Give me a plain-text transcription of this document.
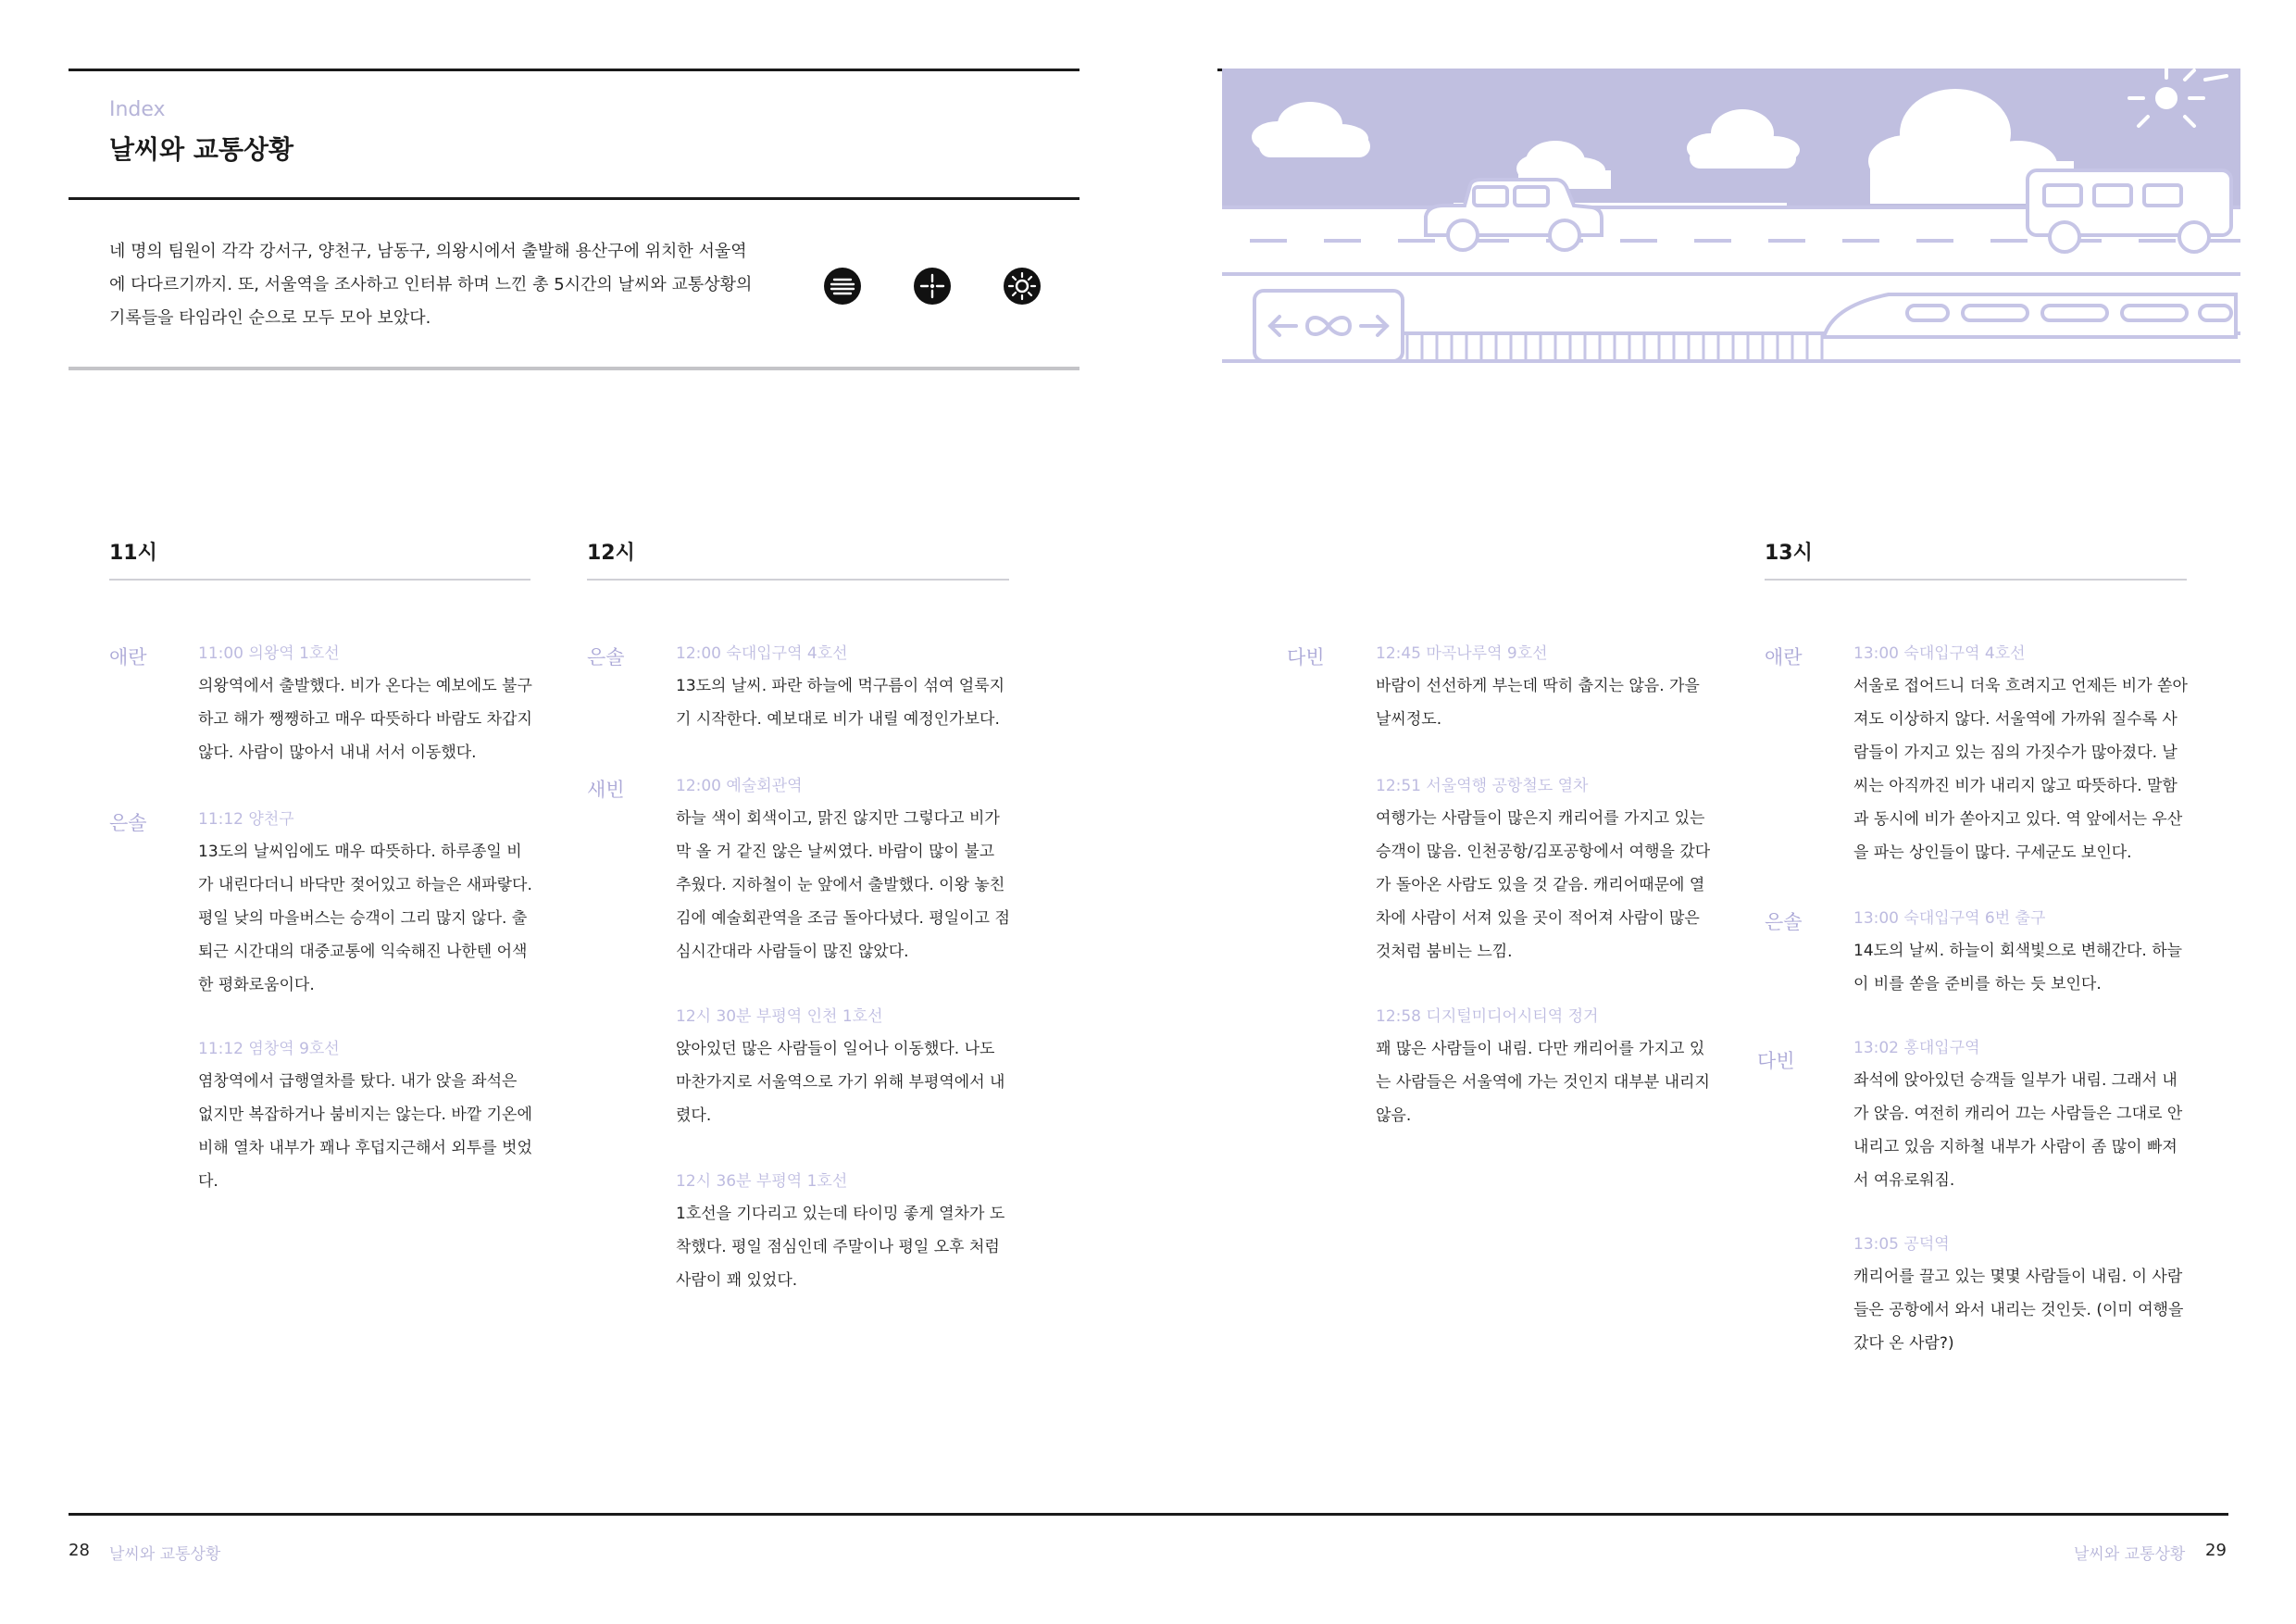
Index
날씨와 교통상황
네 명의 팀원이 각각 강서구, 양천구, 남동구, 의왕시에서 출발해 용산구에 위치한 서울역에 다다르기까지. 또, 서울역을 조사하고 인터뷰 하며 느낀 총 5시간의 날씨와 교통상황의 기록들을 타임라인 순으로 모두 모아 보았다.
11시	12시	13시
애란	11:00 의왕역 1호선
의왕역에서 출발했다. 비가 온다는 예보에도 불구하고 해가 쨍쨍하고 매우 따뜻하다 바람도 차갑지 않다. 사람이 많아서 내내 서서 이동했다.
은솔	11:12 양천구
13도의 날씨임에도 매우 따뜻하다. 하루종일 비가 내린다더니 바닥만 젖어있고 하늘은 새파랗다. 평일 낮의 마을버스는 승객이 그리 많지 않다. 출퇴근 시간대의 대중교통에 익숙해진 나한텐 어색한 평화로움이다.
11:12 염창역 9호선
염창역에서 급행열차를 탔다. 내가 앉을 좌석은 없지만 복잡하거나 붐비지는 않는다. 바깥 기온에 비해 열차 내부가 꽤나 후덥지근해서 외투를 벗었다.
은솔	12:00 숙대입구역 4호선
13도의 날씨. 파란 하늘에 먹구름이 섞여 얼룩지기 시작한다. 예보대로 비가 내릴 예정인가보다.
새빈	12:00 예술회관역
하늘 색이 회색이고, 맑진 않지만 그렇다고 비가 막 올 거 같진 않은 날씨였다. 바람이 많이 불고 추웠다. 지하철이 눈 앞에서 출발했다. 이왕 놓친 김에 예술회관역을 조금 돌아다녔다. 평일이고 점심시간대라 사람들이 많진 않았다.
12시 30분 부평역 인천 1호선
앉아있던 많은 사람들이 일어나 이동했다. 나도 마찬가지로 서울역으로 가기 위해 부평역에서 내렸다.
12시 36분 부평역 1호선
1호선을 기다리고 있는데 타이밍 좋게 열차가 도착했다. 평일 점심인데 주말이나 평일 오후 처럼 사람이 꽤 있었다.
다빈	12:45 마곡나루역 9호선
바람이 선선하게 부는데 딱히 춥지는 않음. 가을 날씨정도.
12:51 서울역행 공항철도 열차
여행가는 사람들이 많은지 캐리어를 가지고 있는 승객이 많음. 인천공항/김포공항에서 여행을 갔다가 돌아온 사람도 있을 것 같음. 캐리어때문에 열차에 사람이 서져 있을 곳이 적어져 사람이 많은 것처럼 붐비는 느낌.
12:58 디지털미디어시티역 정거
꽤 많은 사람들이 내림. 다만 캐리어를 가지고 있는 사람들은 서울역에 가는 것인지 대부분 내리지 않음.
애란	13:00 숙대입구역 4호선
서울로 접어드니 더욱 흐려지고 언제든 비가 쏟아져도 이상하지 않다. 서울역에 가까워 질수록 사람들이 가지고 있는 짐의 가짓수가 많아졌다. 날씨는 아직까진 비가 내리지 않고 따뜻하다. 말함과 동시에 비가 쏟아지고 있다. 역 앞에서는 우산을 파는 상인들이 많다. 구세군도 보인다.
은솔	13:00 숙대입구역 6번 출구
14도의 날씨. 하늘이 회색빛으로 변해간다. 하늘이 비를 쏟을 준비를 하는 듯 보인다.
다빈
13:02 홍대입구역
좌석에 앉아있던 승객들 일부가 내림. 그래서 내가 앉음. 여전히 캐리어 끄는 사람들은 그대로 안 내리고 있음 지하철 내부가 사람이 좀 많이 빠져서 여유로워짐.
13:05 공덕역
캐리어를 끌고 있는 몇몇 사람들이 내림. 이 사람들은 공항에서 와서 내리는 것인듯. (이미 여행을 갔다 온 사람?)
28 날씨와 교통상황	날씨와 교통상황 29
